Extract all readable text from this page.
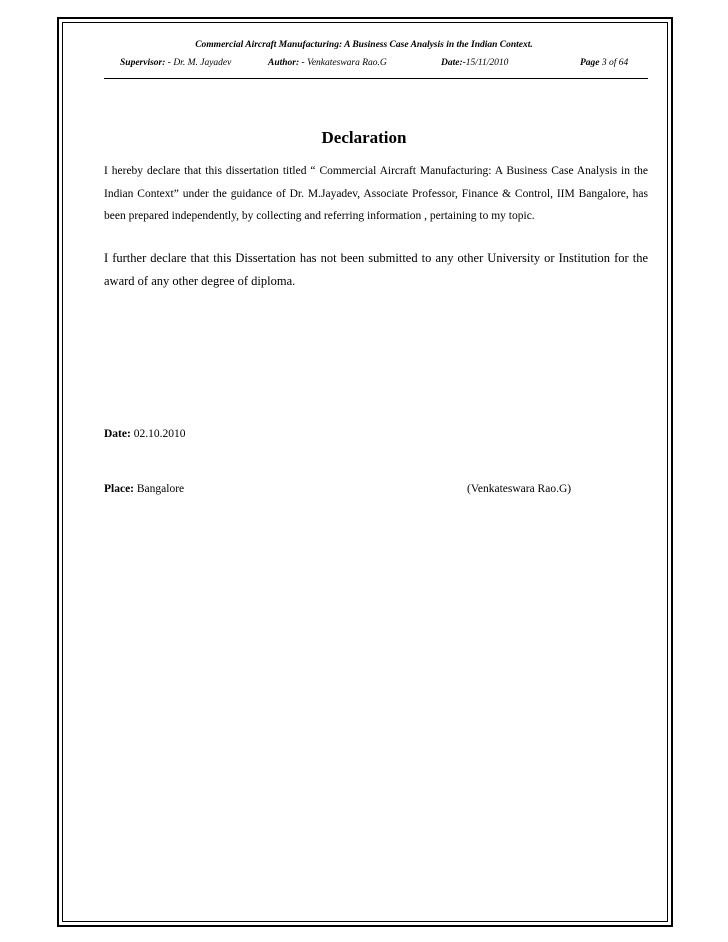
Commercial Aircraft Manufacturing: A Business Case Analysis in the Indian Context.
Supervisor: - Dr. M. Jayadev	Author: - Venkateswara Rao.G	Date:-15/11/2010	Page 3 of 64
Declaration
I hereby declare that this dissertation titled “ Commercial Aircraft Manufacturing: A Business Case Analysis in the Indian Context” under the guidance of Dr. M.Jayadev, Associate Professor, Finance & Control, IIM Bangalore, has been prepared independently, by collecting and referring information , pertaining to my topic.
I further declare that this Dissertation has not been submitted to any other University or Institution for the award of any other degree of diploma.
Date: 02.10.2010
Place: Bangalore	(Venkateswara Rao.G)
